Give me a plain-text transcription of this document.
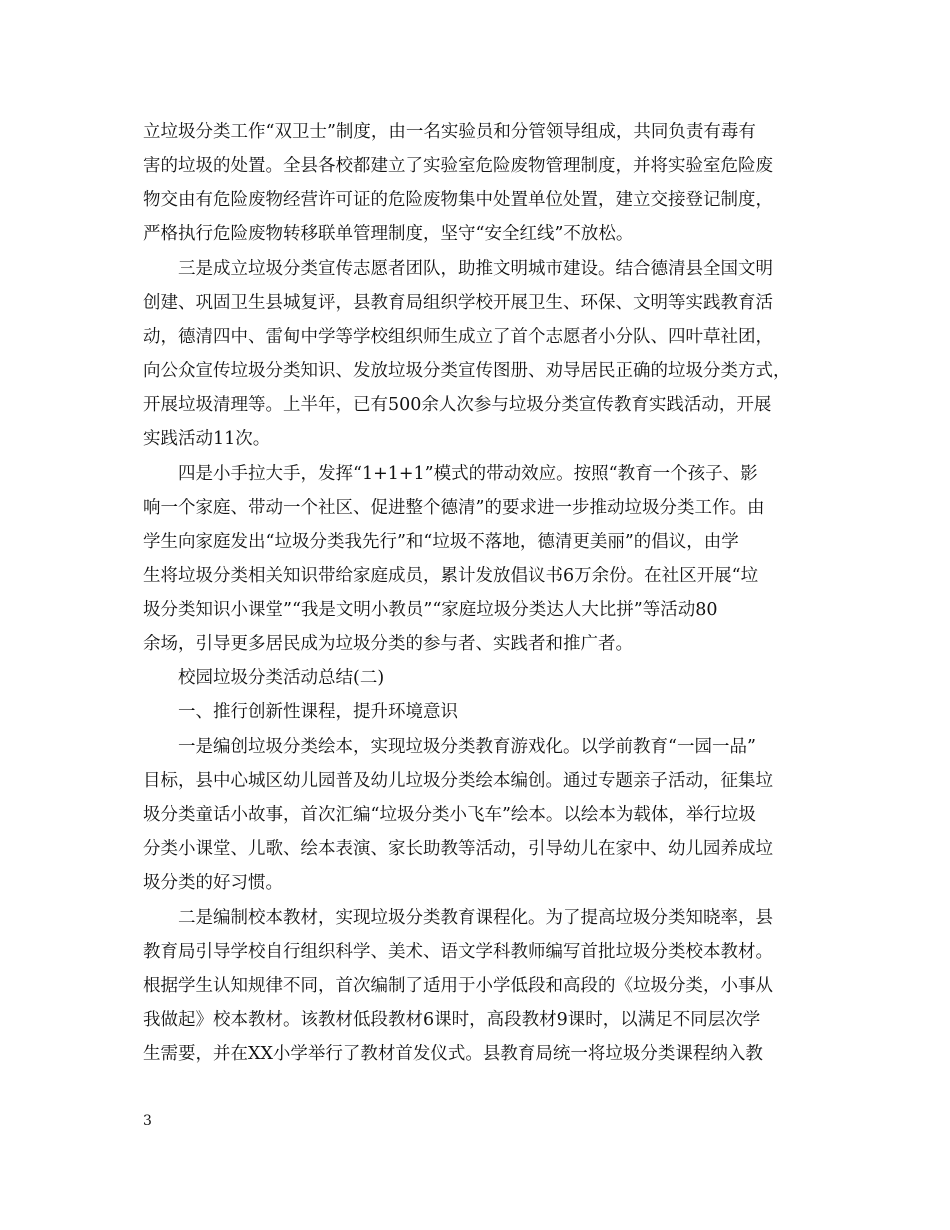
立垃圾分类工作“双卫士”制度，由一名实验员和分管领导组成，共同负责有毒有
害的垃圾的处置。全县各校都建立了实验室危险废物管理制度，并将实验室危险废
物交由有危险废物经营许可证的危险废物集中处置单位处置，建立交接登记制度，
严格执行危险废物转移联单管理制度，坚守“安全红线”不放松。
三是成立垃圾分类宣传志愿者团队，助推文明城市建设。结合德清县全国文明
创建、巩固卫生县城复评，县教育局组织学校开展卫生、环保、文明等实践教育活
动，德清四中、雷甸中学等学校组织师生成立了首个志愿者小分队、四叶草社团，
向公众宣传垃圾分类知识、发放垃圾分类宣传图册、劝导居民正确的垃圾分类方式，
开展垃圾清理等。上半年，已有500余人次参与垃圾分类宣传教育实践活动，开展
实践活动11次。
四是小手拉大手，发挥“1+1+1”模式的带动效应。按照“教育一个孩子、影
响一个家庭、带动一个社区、促进整个德清”的要求进一步推动垃圾分类工作。由
学生向家庭发出“垃圾分类我先行”和“垃圾不落地，德清更美丽”的倡议，由学
生将垃圾分类相关知识带给家庭成员，累计发放倡议书6万余份。在社区开展“垃
圾分类知识小课堂”“我是文明小教员”“家庭垃圾分类达人大比拼”等活动80
余场，引导更多居民成为垃圾分类的参与者、实践者和推广者。
校园垃圾分类活动总结(二)
一、推行创新性课程，提升环境意识
一是编创垃圾分类绘本，实现垃圾分类教育游戏化。以学前教育“一园一品”
目标，县中心城区幼儿园普及幼儿垃圾分类绘本编创。通过专题亲子活动，征集垃
圾分类童话小故事，首次汇编“垃圾分类小飞车”绘本。以绘本为载体，举行垃圾
分类小课堂、儿歌、绘本表演、家长助教等活动，引导幼儿在家中、幼儿园养成垃
圾分类的好习惯。
二是编制校本教材，实现垃圾分类教育课程化。为了提高垃圾分类知晓率，县
教育局引导学校自行组织科学、美术、语文学科教师编写首批垃圾分类校本教材。
根据学生认知规律不同，首次编制了适用于小学低段和高段的《垃圾分类，小事从
我做起》校本教材。该教材低段教材6课时，高段教材9课时，以满足不同层次学
生需要，并在XX小学举行了教材首发仪式。县教育局统一将垃圾分类课程纳入教
3
